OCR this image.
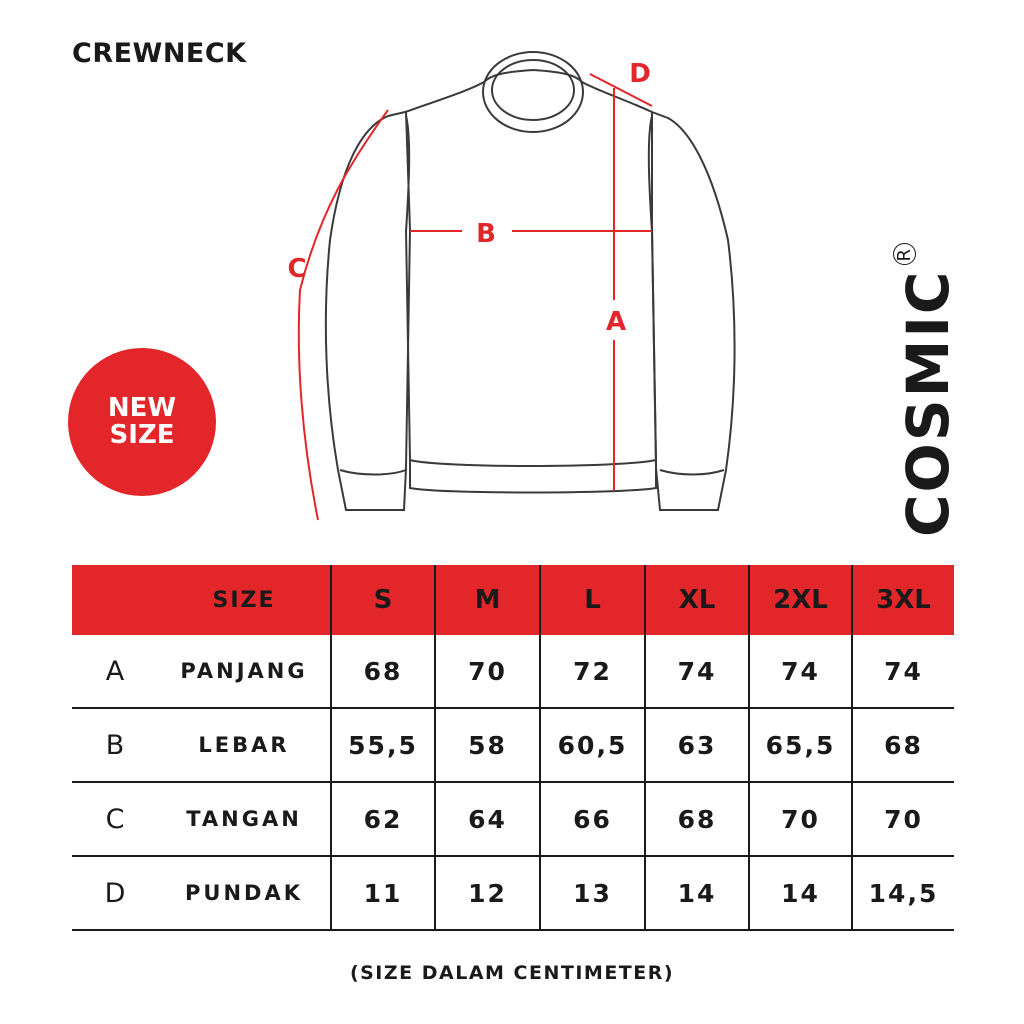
CREWNECK
B
A
C
D
NEW
SIZE	$COSMIC^R$
	SIZE	S	M	L	XL	2XL	3XL
A	PANJANG	68	70	72	74	74	74
B	LEBAR	55,5	58	60,5	63	65,5	68
C	TANGAN	62	64	66	68	70	70
D	PUNDAK	11	12	13	14	14	14,5
(SIZE DALAM CENTIMETER)
